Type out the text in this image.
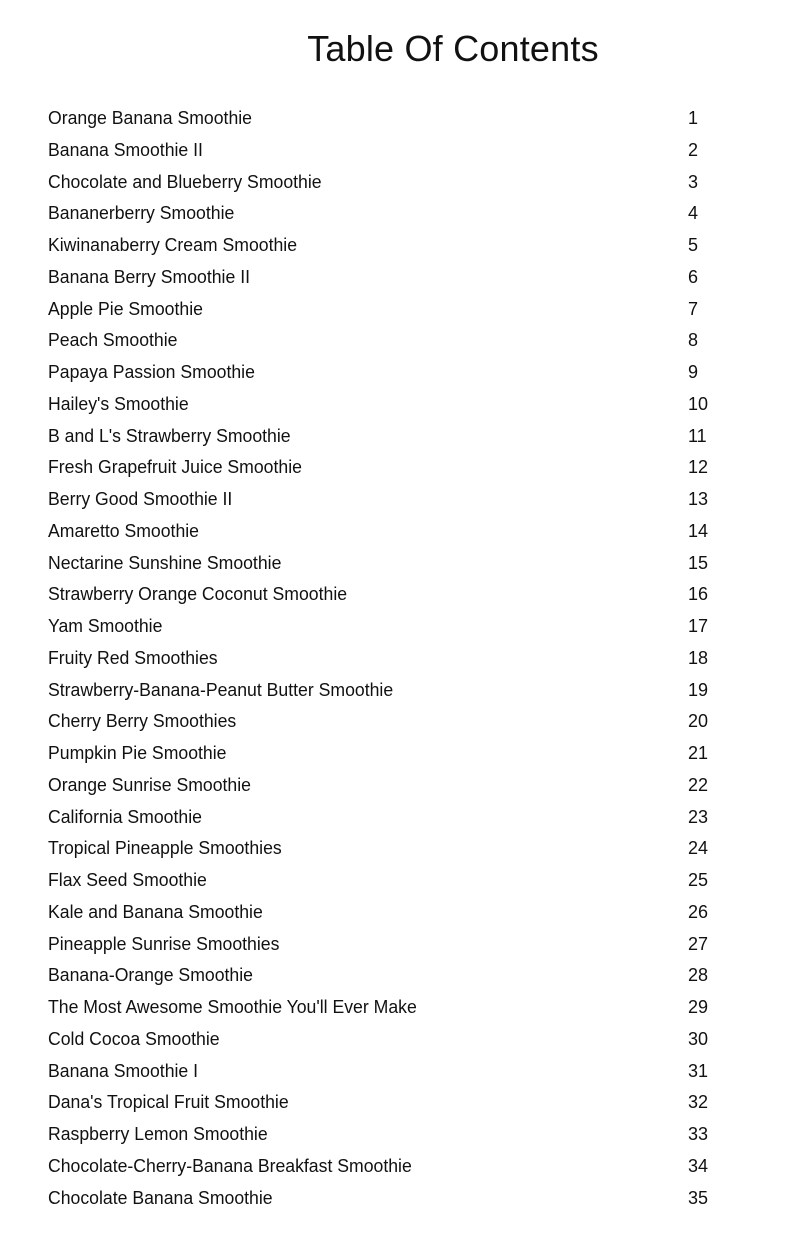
Table Of Contents
Orange Banana Smoothie	1
Banana Smoothie II	2
Chocolate and Blueberry Smoothie	3
Bananerberry Smoothie	4
Kiwinanaberry Cream Smoothie	5
Banana Berry Smoothie II	6
Apple Pie Smoothie	7
Peach Smoothie	8
Papaya Passion Smoothie	9
Hailey's Smoothie	10
B and L's Strawberry Smoothie	11
Fresh Grapefruit Juice Smoothie	12
Berry Good Smoothie II	13
Amaretto Smoothie	14
Nectarine Sunshine Smoothie	15
Strawberry Orange Coconut Smoothie	16
Yam Smoothie	17
Fruity Red Smoothies	18
Strawberry-Banana-Peanut Butter Smoothie	19
Cherry Berry Smoothies	20
Pumpkin Pie Smoothie	21
Orange Sunrise Smoothie	22
California Smoothie	23
Tropical Pineapple Smoothies	24
Flax Seed Smoothie	25
Kale and Banana Smoothie	26
Pineapple Sunrise Smoothies	27
Banana-Orange Smoothie	28
The Most Awesome Smoothie You'll Ever Make	29
Cold Cocoa Smoothie	30
Banana Smoothie I	31
Dana's Tropical Fruit Smoothie	32
Raspberry Lemon Smoothie	33
Chocolate-Cherry-Banana Breakfast Smoothie	34
Chocolate Banana Smoothie	35
